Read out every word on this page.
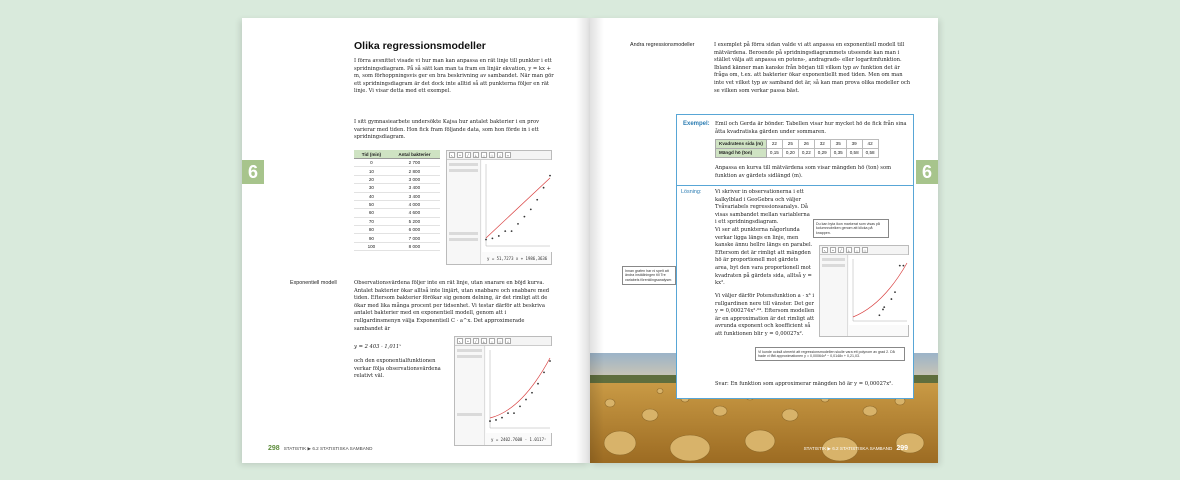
Olika regressionsmodeller
I förra avsnittet visade vi hur man kan anpassa en rät linje till punkter i ett spridningsdiagram. På så sätt kan man ta fram en linjär ekvation, y = kx + m, som förhoppningsvis ger en bra beskrivning av sambandet. När man gör ett spridningsdiagram är det dock inte alltid så att punkterna följer en rät linje. Vi visar detta med ett exempel.
I sitt gymnasiearbete undersökte Kajsa hur antalet bakterier i en prov varierar med tiden. Hon fick fram följande data, som hon förde in i ett spridningsdiagram.
Tid (min)	Antal bakterier
0	2 700
10	2 800
20	3 000
30	3 400
40	3 400
50	4 000
60	4 600
70	5 200
80	6 000
90	7 000
100	8 000
↖	•	/	⊥	△	○	∠	↔
y = 51,7273 x + 1986,3636
Exponentiell modell	Observationsvärdena följer inte en rät linje, utan snarare en böjd kurva. Antalet bakterier ökar alltså inte linjärt, utan snabbare och snabbare med tiden. Eftersom bakterier förökar sig genom delning, är det rimligt att de ökar med lika många procent per tidsenhet. Vi testar därför att beskriva antalet bakterier med en exponentiell modell, genom att i rullgardinsmenyn välja Exponentiell C · a^x. Det approximerade sambandet är
y = 2 403 · 1,011ˣ
och den exponentialfunktionen verkar följa observationsvärdena relativt väl.
↖	•	/	⊥	△	○	∠
y = 2402.7608 · 1.0117ˣ
298 STATISTIK ▶ 6.2 STATISTISKA SAMBAND
Andra regressionsmodeller	I exemplet på förra sidan valde vi att anpassa en exponentiell modell till mätvärdena. Beroende på spridningsdiagrammets utseende kan man i stället välja att anpassa en potens-, andragrads- eller logaritmfunktion. Ibland känner man kanske från början till vilken typ av funktion det är fråga om, t.ex. att bakterier ökar exponentiellt med tiden. Men om man inte vet vilket typ av samband det är, så kan man prova olika modeller och se vilken som verkar passa bäst.
Exempel: Emil och Gerda är bönder. Tabellen visar hur mycket hö de fick från sina åtta kvadratiska gärden under sommaren.
Kvadratens sida (m)	22	25	26	32	35	39	42
Mängd hö (ton)	0,15	0,20	0,22	0,29	0,35	0,58	0,58
Anpassa en kurva till mätvärdena som visar mängden hö (ton) som funktion av gärdets sidlängd (m).
Lösning:	Vi skriver in observationerna i ett kalkylblad i GeoGebra och väljer Tvåvariabels regressionsanalys. Då visas sambandet mellan variablerna i ett spridningsdiagram.	Du kan byta ikon markerat som visas på kolumnrubriken genom att klicka på knappen.
Vi ser att punkterna någorlunda verkar ligga längs en linje, men kanske ännu hellre längs en parabel. Eftersom det är rimligt att mängden hö är proportionell mot gärdets area, byt den vara proportionell mot kvadraten på gärdets sida, alltså y = kx².
↖	•	/	⊥	△	○
Vi väljer därför Potensfunktion a · xᵇ i rullgardinen nere till vänster. Det ger y = 0,000274x²·⁰⁴. Eftersom modellen är en approximation är det rimligt att avrunda exponent och koefficient så att funktionen blir y = 0,00027x².
Vi kunde också utmerkt att regressionsmodellen skulle vara ett polynom av grad 2. Då hade vi fått approximationen y = 0,00064x² − 0,0148x + 0,21,03.
Svar: En funktion som approximerar mängden hö är y = 0,00027x².
Innan grafen har ni spelt att ändra inställningen till Tre variabels förenklingsanalyser.
STATISTIK ▶ 6.2 STATISTISKA SAMBAND 299
6	6
